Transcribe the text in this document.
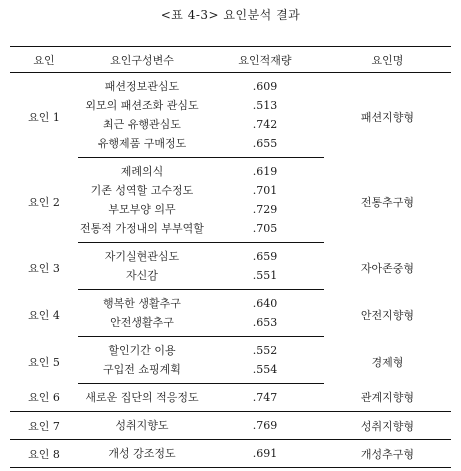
<표 4-3> 요인분석 결과
요인	요인구성변수	요인적재량	요인명
요인 1	패션정보관심도	.609	패션지향형

	외모의 패션조화 관심도	.513	

	최근 유행관심도	.742	

	유행제품 구매정도	.655	

요인 2	제례의식	.619	전통추구형

	기존 성역할 고수정도	.701	

	부모부양 의무	.729	

	전통적 가정내의 부부역할	.705	

요인 3	자기실현관심도	.659	자아존중형

	자신감	.551	

요인 4	행복한 생활추구	.640	안전지향형

	안전생활추구	.653	

요인 5	할인기간 이용	.552	경제형

	구입전 쇼핑계획	.554	

요인 6	새로운 집단의 적응정도	.747	관계지향형
요인 7	성취지향도	.769	성취지향형
요인 8	개성 강조정도	.691	개성추구형
